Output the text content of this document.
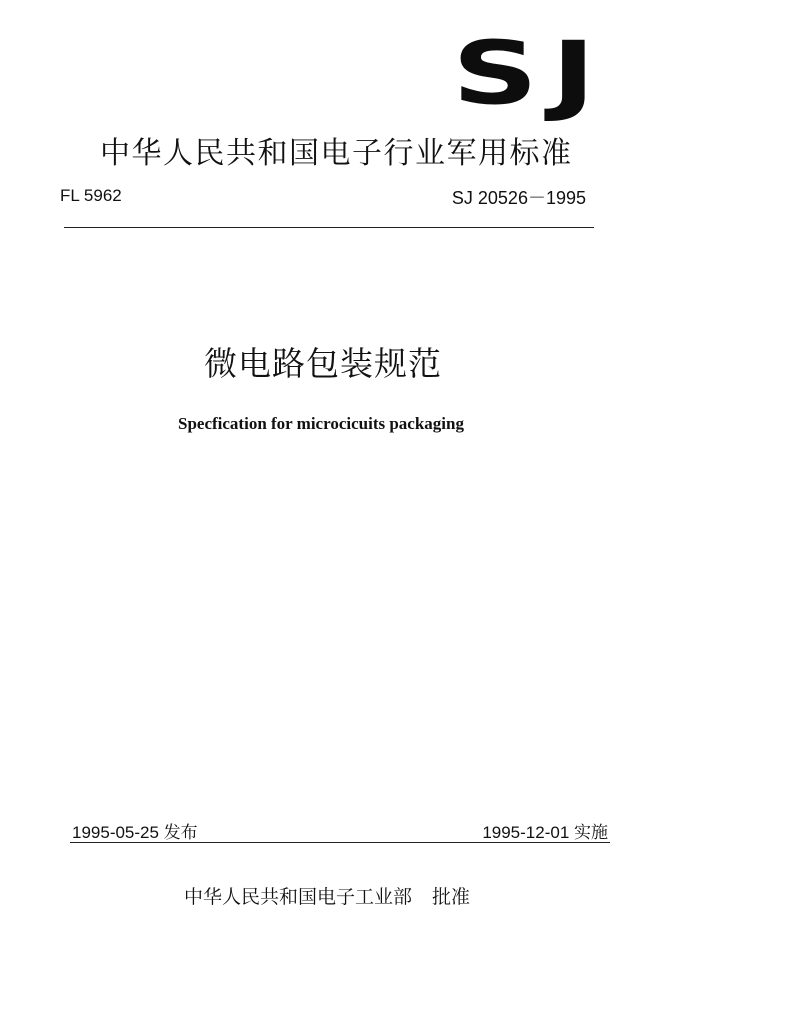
SJ
中华人民共和国电子行业军用标准
FL 5962	SJ 20526－1995
微电路包装规范
Specfication for microcicuits packaging
1995-05-25 发布	1995-12-01 实施
中华人民共和国电子工业部 批准
